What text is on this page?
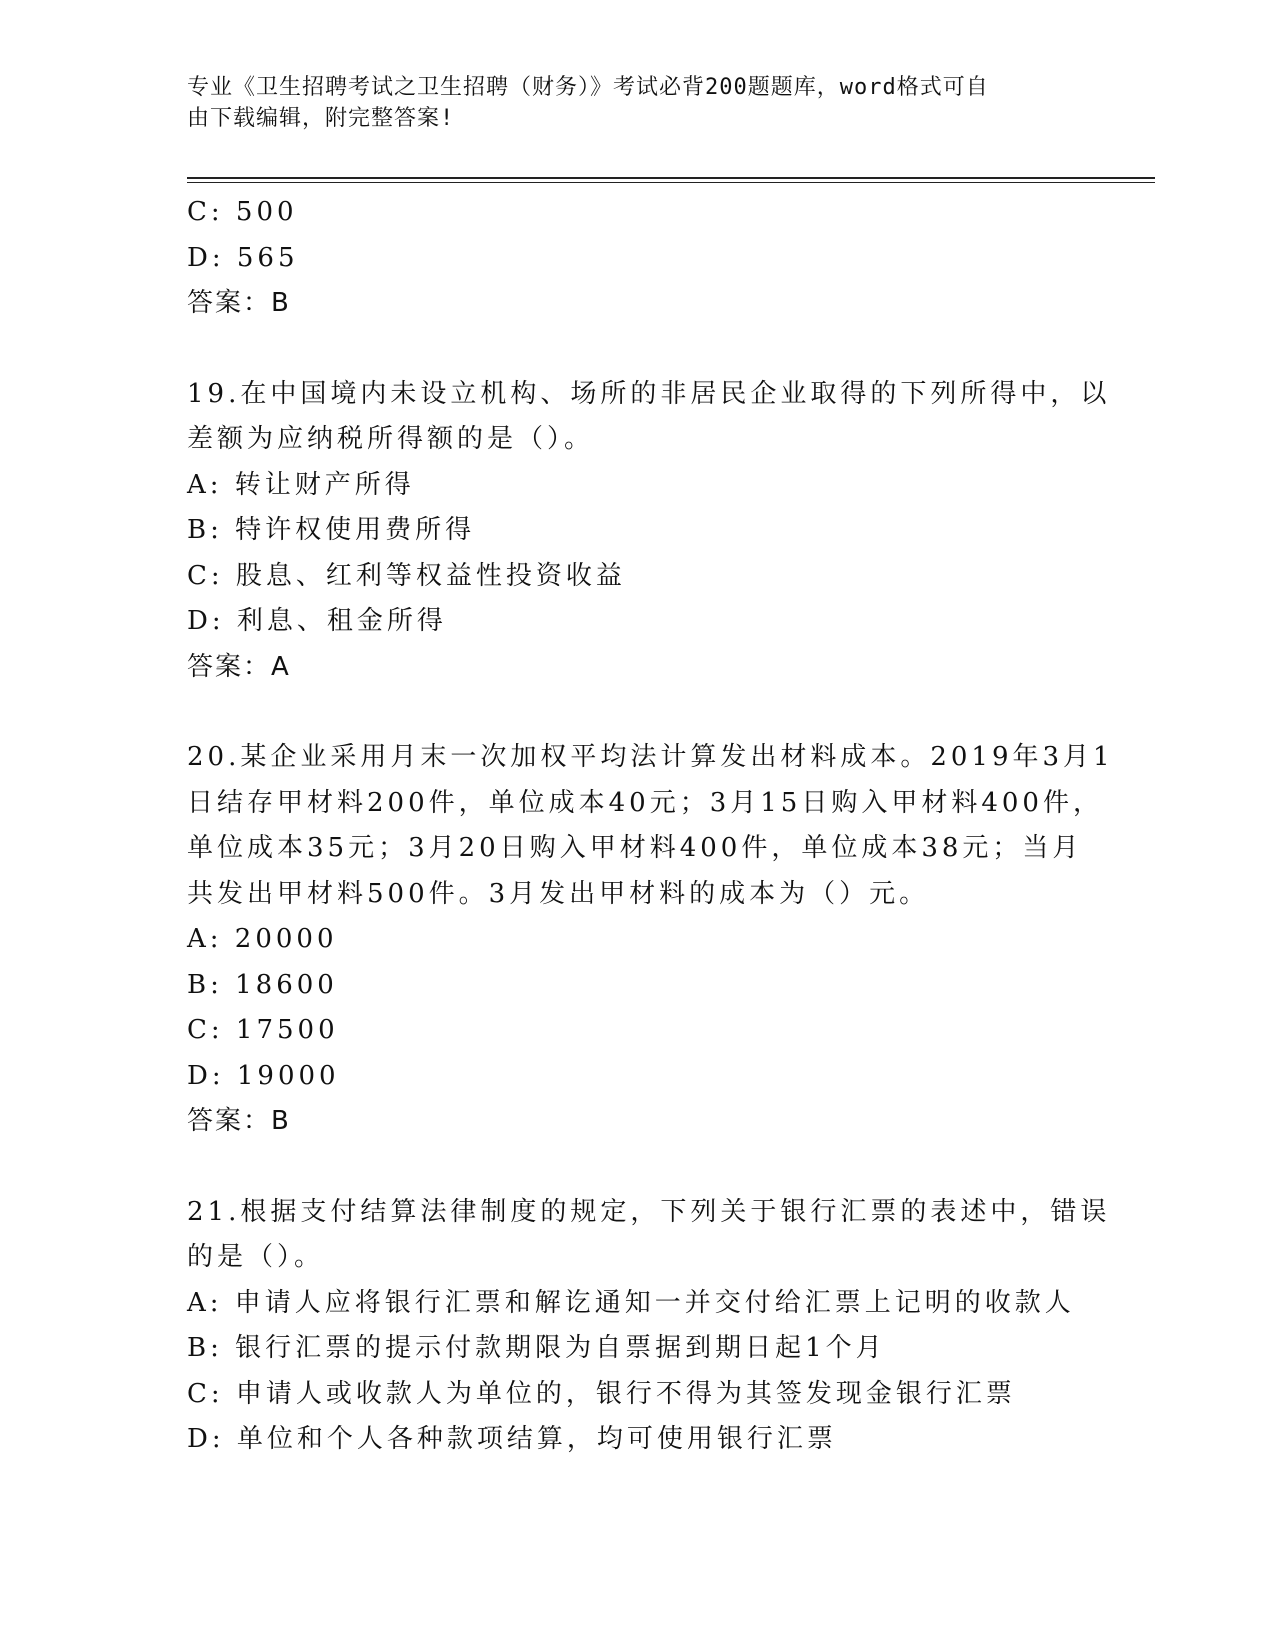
专业《卫生招聘考试之卫生招聘（财务）》考试必背200题题库，word格式可自
由下载编辑，附完整答案!
C: 500
D: 565
答案：B
19.在中国境内未设立机构、场所的非居民企业取得的下列所得中，以
差额为应纳税所得额的是（）。
A: 转让财产所得
B: 特许权使用费所得
C: 股息、红利等权益性投资收益
D: 利息、租金所得
答案：A
20.某企业采用月末一次加权平均法计算发出材料成本。2019年3月1
日结存甲材料200件，单位成本40元；3月15日购入甲材料400件，
单位成本35元；3月20日购入甲材料400件，单位成本38元；当月
共发出甲材料500件。3月发出甲材料的成本为（）元。
A: 20000
B: 18600
C: 17500
D: 19000
答案：B
21.根据支付结算法律制度的规定，下列关于银行汇票的表述中，错误
的是（）。
A: 申请人应将银行汇票和解讫通知一并交付给汇票上记明的收款人
B: 银行汇票的提示付款期限为自票据到期日起1个月
C: 申请人或收款人为单位的，银行不得为其签发现金银行汇票
D: 单位和个人各种款项结算，均可使用银行汇票
